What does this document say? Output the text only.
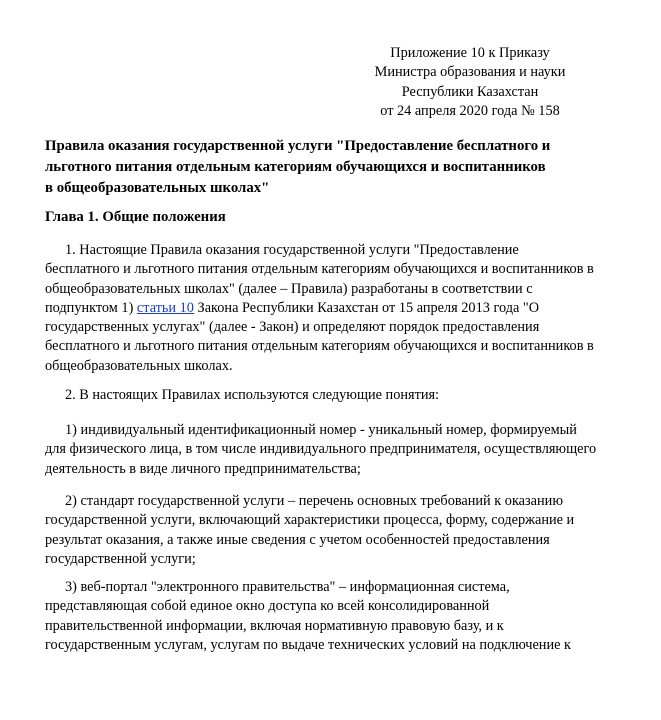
Приложение 10 к Приказу
Министра образования и науки
Республики Казахстан
от 24 апреля 2020 года № 158
Правила оказания государственной услуги "Предоставление бесплатного и
льготного питания отдельным категориям обучающихся и воспитанников
в общеобразовательных школах"
Глава 1. Общие положения
1. Настоящие Правила оказания государственной услуги "Предоставление
бесплатного и льготного питания отдельным категориям обучающихся и воспитанников в
общеобразовательных школах" (далее – Правила) разработаны в соответствии с
подпунктом 1) статьи 10 Закона Республики Казахстан от 15 апреля 2013 года "О
государственных услугах" (далее - Закон) и определяют порядок предоставления
бесплатного и льготного питания отдельным категориям обучающихся и воспитанников в
общеобразовательных школах.
2. В настоящих Правилах используются следующие понятия:
1) индивидуальный идентификационный номер - уникальный номер, формируемый
для физического лица, в том числе индивидуального предпринимателя, осуществляющего
деятельность в виде личного предпринимательства;
2) стандарт государственной услуги – перечень основных требований к оказанию
государственной услуги, включающий характеристики процесса, форму, содержание и
результат оказания, а также иные сведения с учетом особенностей предоставления
государственной услуги;
3) веб-портал "электронного правительства" – информационная система,
представляющая собой единое окно доступа ко всей консолидированной
правительственной информации, включая нормативную правовую базу, и к
государственным услугам, услугам по выдаче технических условий на подключение к
